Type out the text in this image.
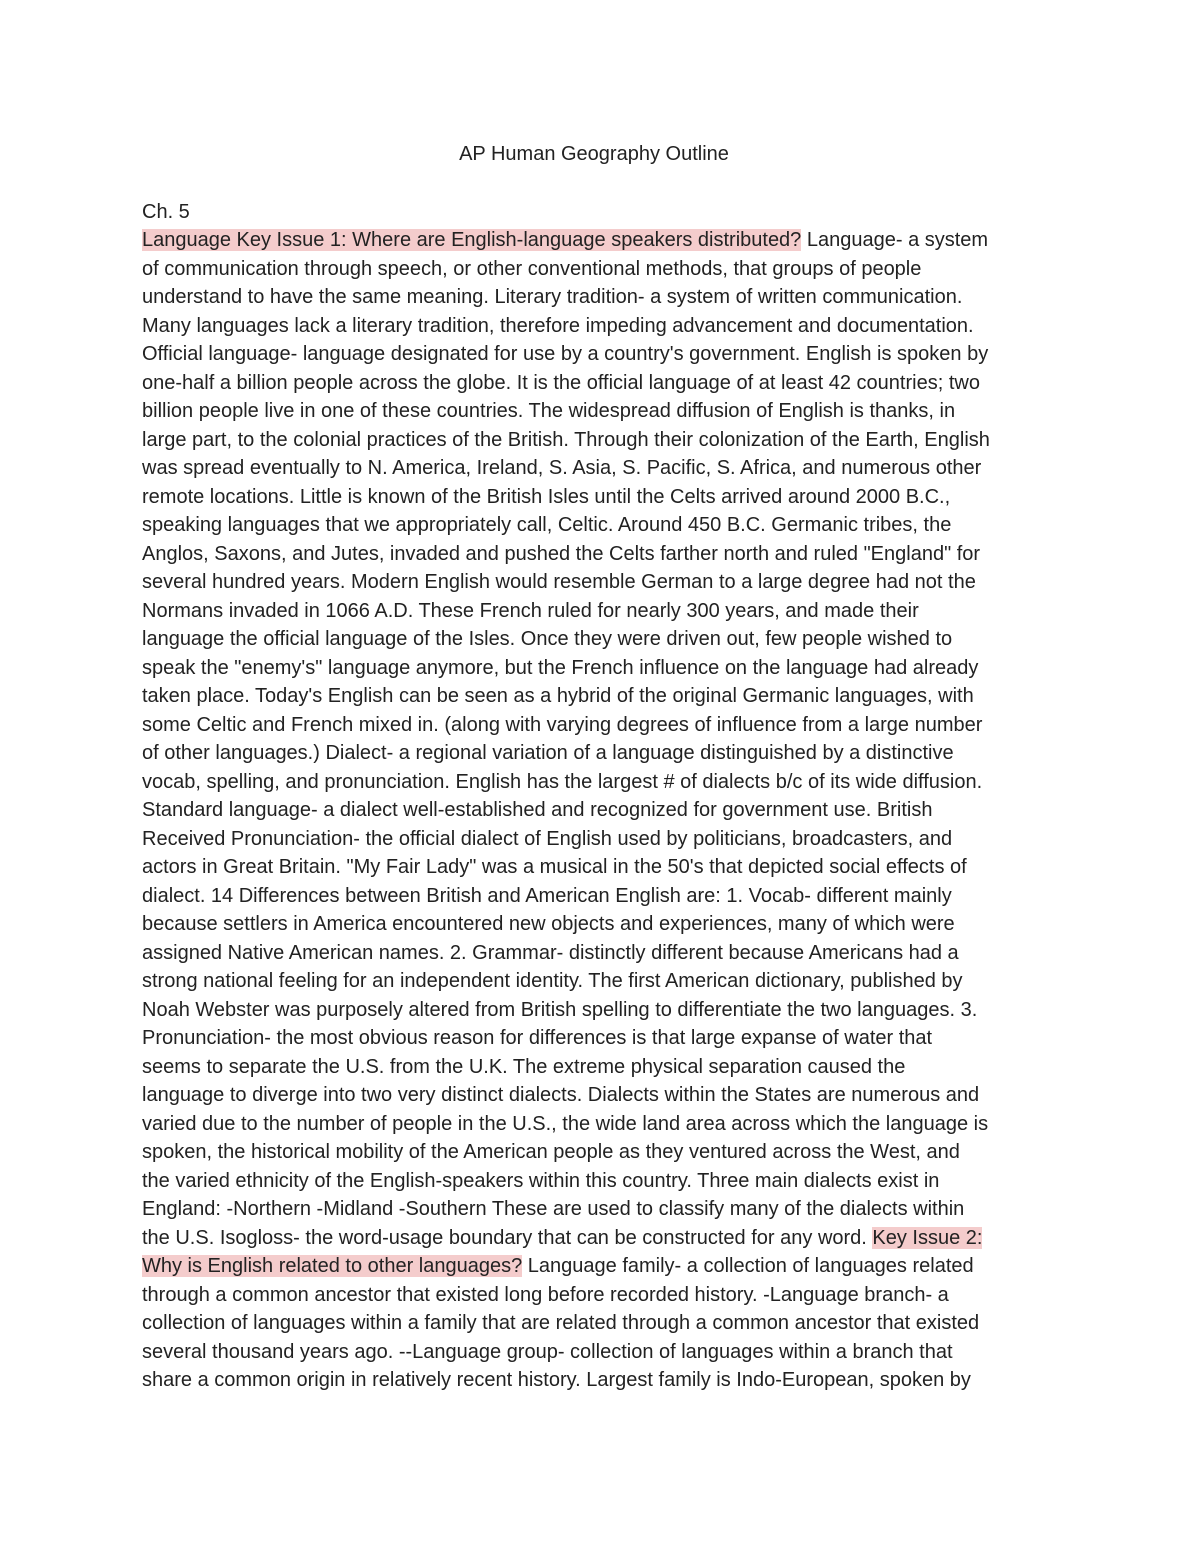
AP Human Geography Outline
Ch. 5
Language Key Issue 1: Where are English-language speakers distributed? Language- a system
of communication through speech, or other conventional methods, that groups of people
understand to have the same meaning. Literary tradition- a system of written communication.
Many languages lack a literary tradition, therefore impeding advancement and documentation.
Official language- language designated for use by a country's government. English is spoken by
one-half a billion people across the globe. It is the official language of at least 42 countries; two
billion people live in one of these countries. The widespread diffusion of English is thanks, in
large part, to the colonial practices of the British. Through their colonization of the Earth, English
was spread eventually to N. America, Ireland, S. Asia, S. Pacific, S. Africa, and numerous other
remote locations. Little is known of the British Isles until the Celts arrived around 2000 B.C.,
speaking languages that we appropriately call, Celtic. Around 450 B.C. Germanic tribes, the
Anglos, Saxons, and Jutes, invaded and pushed the Celts farther north and ruled "England" for
several hundred years. Modern English would resemble German to a large degree had not the
Normans invaded in 1066 A.D. These French ruled for nearly 300 years, and made their
language the official language of the Isles. Once they were driven out, few people wished to
speak the "enemy's" language anymore, but the French influence on the language had already
taken place. Today's English can be seen as a hybrid of the original Germanic languages, with
some Celtic and French mixed in. (along with varying degrees of influence from a large number
of other languages.) Dialect- a regional variation of a language distinguished by a distinctive
vocab, spelling, and pronunciation. English has the largest # of dialects b/c of its wide diffusion.
Standard language- a dialect well-established and recognized for government use. British
Received Pronunciation- the official dialect of English used by politicians, broadcasters, and
actors in Great Britain. "My Fair Lady" was a musical in the 50's that depicted social effects of
dialect. 14 Differences between British and American English are: 1. Vocab- different mainly
because settlers in America encountered new objects and experiences, many of which were
assigned Native American names. 2. Grammar- distinctly different because Americans had a
strong national feeling for an independent identity. The first American dictionary, published by
Noah Webster was purposely altered from British spelling to differentiate the two languages. 3.
Pronunciation- the most obvious reason for differences is that large expanse of water that
seems to separate the U.S. from the U.K. The extreme physical separation caused the
language to diverge into two very distinct dialects. Dialects within the States are numerous and
varied due to the number of people in the U.S., the wide land area across which the language is
spoken, the historical mobility of the American people as they ventured across the West, and
the varied ethnicity of the English-speakers within this country. Three main dialects exist in
England: -Northern -Midland -Southern These are used to classify many of the dialects within
the U.S. Isogloss- the word-usage boundary that can be constructed for any word. Key Issue 2:
Why is English related to other languages? Language family- a collection of languages related
through a common ancestor that existed long before recorded history. -Language branch- a
collection of languages within a family that are related through a common ancestor that existed
several thousand years ago. --Language group- collection of languages within a branch that
share a common origin in relatively recent history. Largest family is Indo-European, spoken by
